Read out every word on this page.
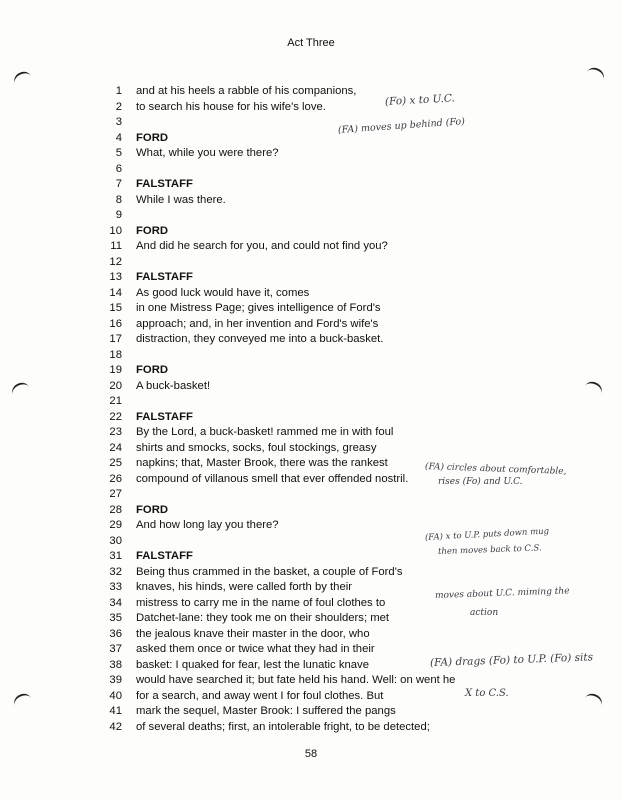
Act Three
1 and at his heels a rabble of his companions,
2 to search his house for his wife's love.
3
4 FORD
5 What, while you were there?
6
7 FALSTAFF
8 While I was there.
9
10 FORD
11 And did he search for you, and could not find you?
12
13 FALSTAFF
14 As good luck would have it, comes
15 in one Mistress Page; gives intelligence of Ford's
16 approach; and, in her invention and Ford's wife's
17 distraction, they conveyed me into a buck-basket.
18
19 FORD
20 A buck-basket!
21
22 FALSTAFF
23 By the Lord, a buck-basket! rammed me in with foul
24 shirts and smocks, socks, foul stockings, greasy
25 napkins; that, Master Brook, there was the rankest
26 compound of villanous smell that ever offended nostril.
27
28 FORD
29 And how long lay you there?
30
31 FALSTAFF
32 Being thus crammed in the basket, a couple of Ford's
33 knaves, his hinds, were called forth by their
34 mistress to carry me in the name of foul clothes to
35 Datchet-lane: they took me on their shoulders; met
36 the jealous knave their master in the door, who
37 asked them once or twice what they had in their
38 basket: I quaked for fear, lest the lunatic knave
39 would have searched it; but fate held his hand. Well: on went he
40 for a search, and away went I for foul clothes. But
41 mark the sequel, Master Brook: I suffered the pangs
42 of several deaths; first, an intolerable fright, to be detected;
(Fo) x to U.C.
(FA) moves up behind (Fo)
(FA) circles about comfortable,
rises (Fo) and U.C.
(FA) x to U.P. puts down mug
then moves back to C.S.
moves about U.C. miming the
action
(FA) drags (Fo) to U.P. (Fo) sits
X to C.S.
58
